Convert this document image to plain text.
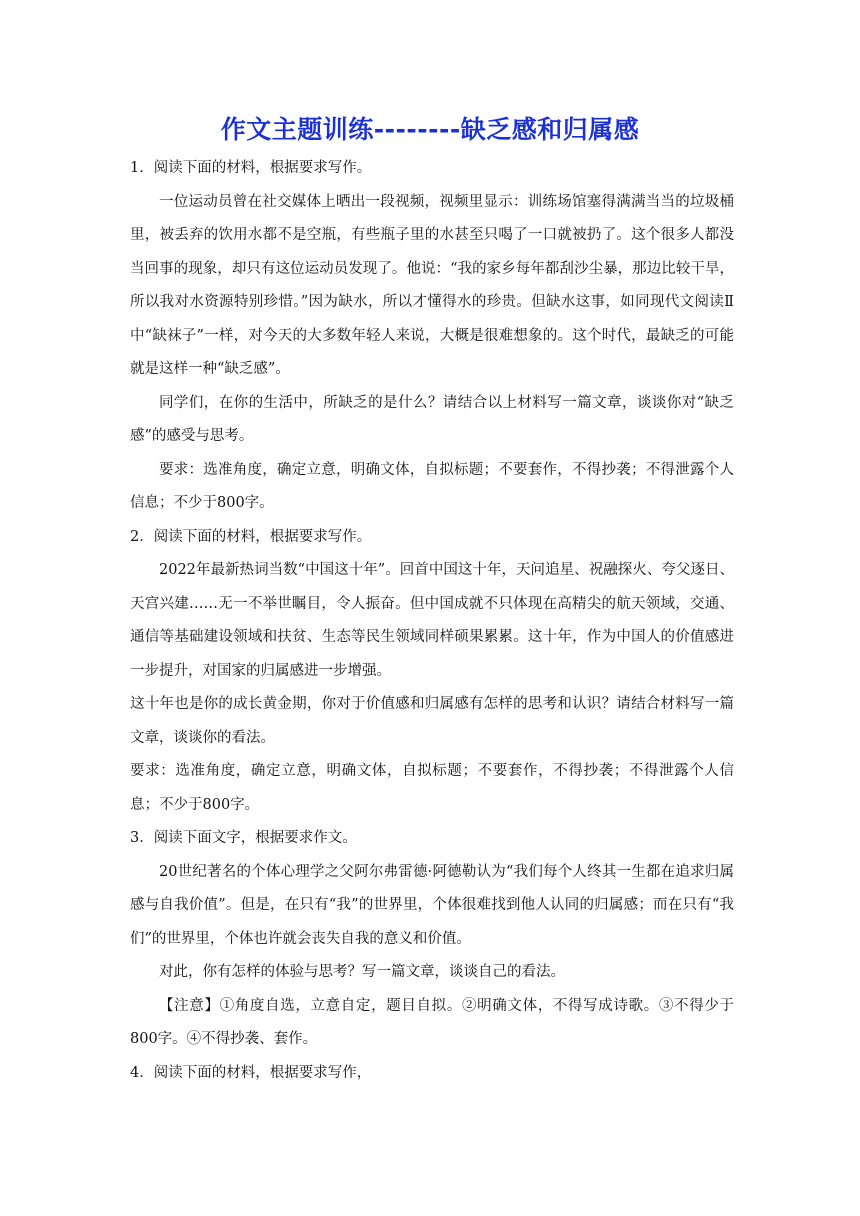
作文主题训练--------缺乏感和归属感

1．阅读下面的材料，根据要求写作。

一位运动员曾在社交媒体上晒出一段视频，视频里显示：训练场馆塞得满满当当的垃圾桶里，被丢弃的饮用水都不是空瓶，有些瓶子里的水甚至只喝了一口就被扔了。这个很多人都没当回事的现象，却只有这位运动员发现了。他说：“我的家乡每年都刮沙尘暴，那边比较干旱，所以我对水资源特别珍惜。”因为缺水，所以才懂得水的珍贵。但缺水这事，如同现代文阅读Ⅱ中“缺袜子”一样，对今天的大多数年轻人来说，大概是很难想象的。这个时代，最缺乏的可能就是这样一种“缺乏感”。

同学们，在你的生活中，所缺乏的是什么？请结合以上材料写一篇文章，谈谈你对“缺乏感”的感受与思考。

要求：选准角度，确定立意，明确文体，自拟标题；不要套作，不得抄袭；不得泄露个人信息；不少于800字。

2．阅读下面的材料，根据要求写作。

2022年最新热词当数“中国这十年”。回首中国这十年，天问追星、祝融探火、夸父逐日、天宫兴建……无一不举世瞩目，令人振奋。但中国成就不只体现在高精尖的航天领域，交通、通信等基础建设领域和扶贫、生态等民生领域同样硕果累累。这十年，作为中国人的价值感进一步提升，对国家的归属感进一步增强。

这十年也是你的成长黄金期，你对于价值感和归属感有怎样的思考和认识？请结合材料写一篇文章，谈谈你的看法。

要求：选准角度，确定立意，明确文体，自拟标题；不要套作，不得抄袭；不得泄露个人信息；不少于800字。

3．阅读下面文字，根据要求作文。

20世纪著名的个体心理学之父阿尔弗雷德·阿德勒认为“我们每个人终其一生都在追求归属感与自我价值”。但是，在只有“我”的世界里，个体很难找到他人认同的归属感；而在只有“我们”的世界里，个体也许就会丧失自我的意义和价值。

对此，你有怎样的体验与思考？写一篇文章，谈谈自己的看法。

【注意】①角度自选，立意自定，题目自拟。②明确文体，不得写成诗歌。③不得少于800字。④不得抄袭、套作。

4．阅读下面的材料，根据要求写作，
